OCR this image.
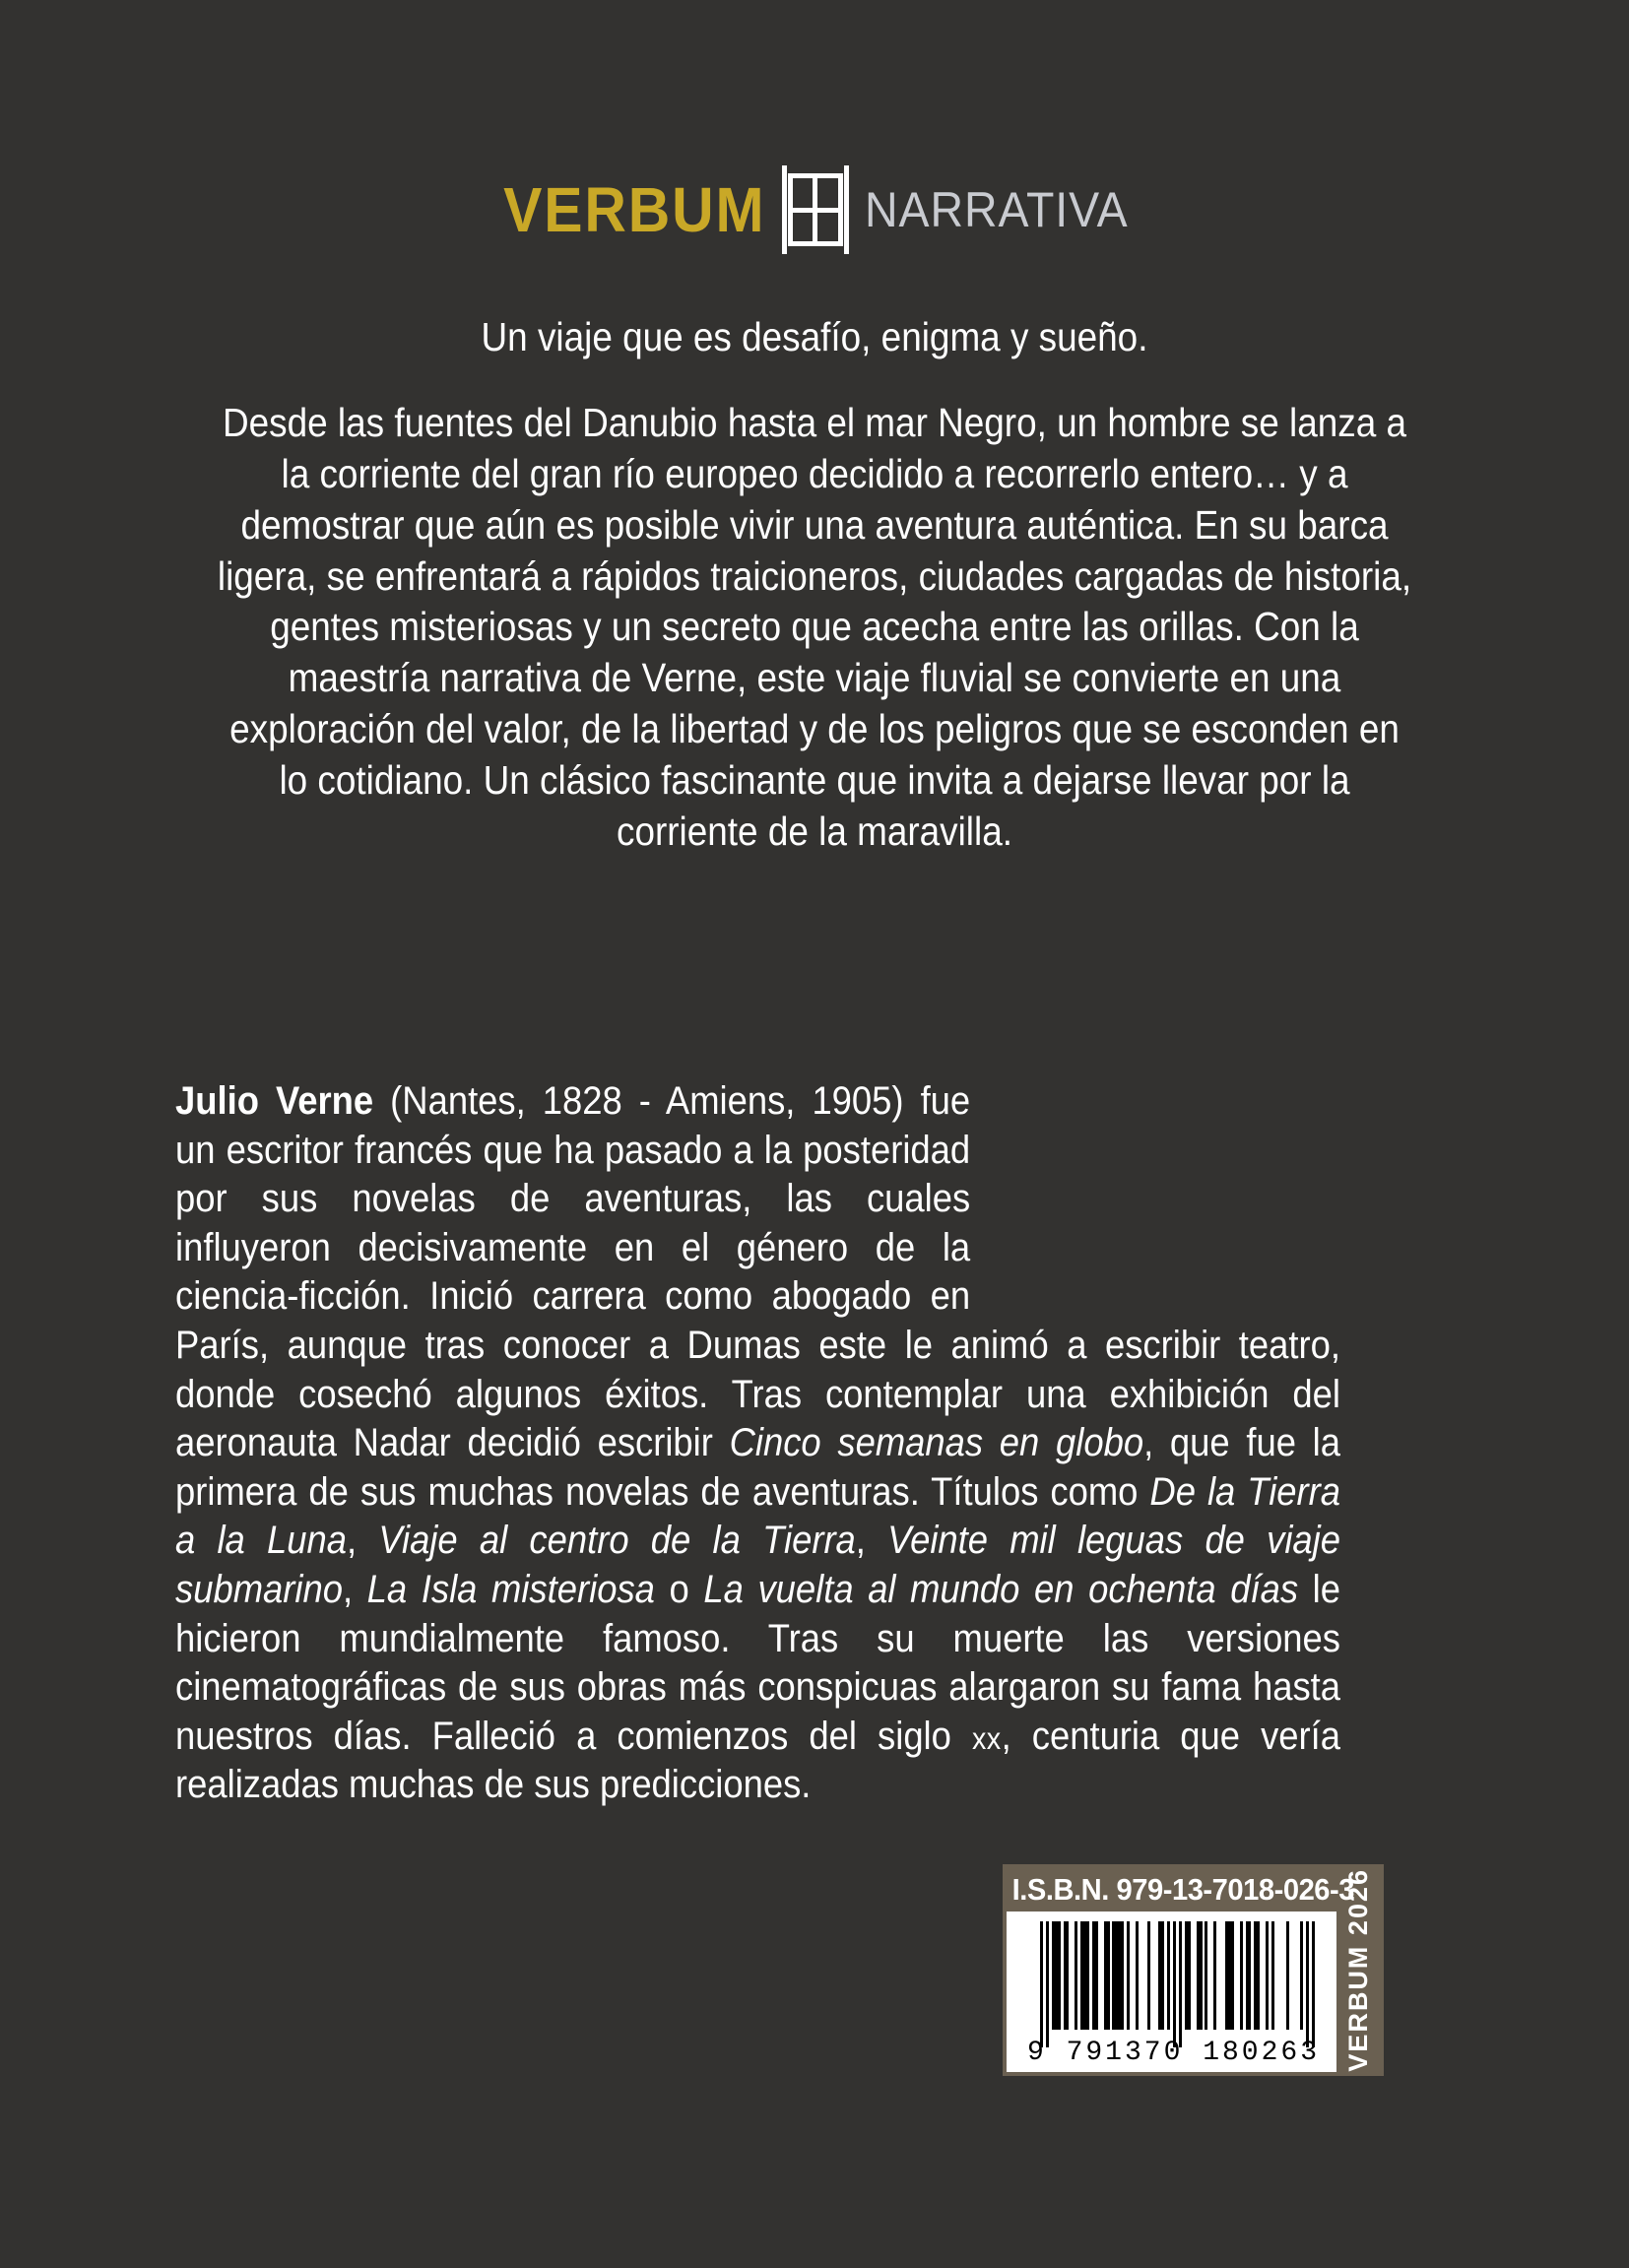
VERBUM NARRATIVA
Un viaje que es desafío, enigma y sueño.
Desde las fuentes del Danubio hasta el mar Negro, un hombre se lanza a la corriente del gran río europeo decidido a recorrerlo entero… y a demostrar que aún es posible vivir una aventura auténtica. En su barca ligera, se enfrentará a rápidos traicioneros, ciudades cargadas de historia, gentes misteriosas y un secreto que acecha entre las orillas. Con la maestría narrativa de Verne, este viaje fluvial se convierte en una exploración del valor, de la libertad y de los peligros que se esconden en lo cotidiano. Un clásico fascinante que invita a dejarse llevar por la corriente de la maravilla.
Julio Verne (Nantes, 1828 - Amiens, 1905) fue un escritor francés que ha pasado a la posteridad por sus novelas de aventuras, las cuales influyeron decisivamente en el género de la ciencia-ficción. Inició carrera como abogado en París, aunque tras conocer a Dumas este le animó a escribir teatro, donde cosechó algunos éxitos. Tras contemplar una exhibición del aeronauta Nadar decidió escribir Cinco semanas en globo, que fue la primera de sus muchas novelas de aventuras. Títulos como De la Tierra a la Luna, Viaje al centro de la Tierra, Veinte mil leguas de viaje submarino, La Isla misteriosa o La vuelta al mundo en ochenta días le hicieron mundialmente famoso. Tras su muerte las versiones cinematográficas de sus obras más conspicuas alargaron su fama hasta nuestros días. Falleció a comienzos del siglo xx, centuria que vería realizadas muchas de sus predicciones.
I.S.B.N. 979-13-7018-026-3
9 791370 180263 VERBUM 2026
